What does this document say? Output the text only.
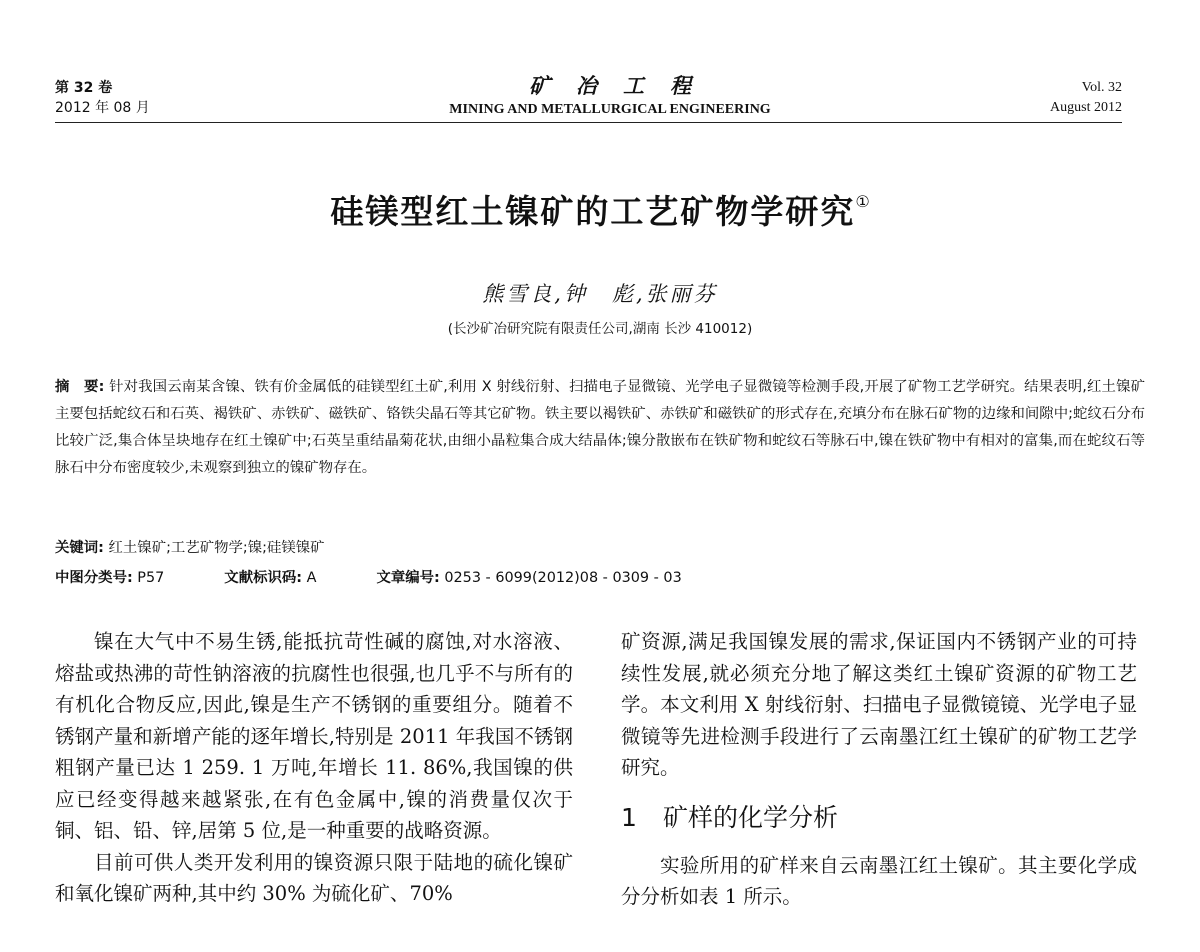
第 32 卷
2012 年 08 月
矿冶工程
MINING AND METALLURGICAL ENGINEERING
Vol. 32
August 2012
硅镁型红土镍矿的工艺矿物学研究①
熊雪良,钟　彪,张丽芬
(长沙矿冶研究院有限责任公司,湖南 长沙 410012)
摘　要: 针对我国云南某含镍、铁有价金属低的硅镁型红土矿,利用 X 射线衍射、扫描电子显微镜、光学电子显微镜等检测手段,开展了矿物工艺学研究。结果表明,红土镍矿主要包括蛇纹石和石英、褐铁矿、赤铁矿、磁铁矿、铬铁尖晶石等其它矿物。铁主要以褐铁矿、赤铁矿和磁铁矿的形式存在,充填分布在脉石矿物的边缘和间隙中;蛇纹石分布比较广泛,集合体呈块地存在红土镍矿中;石英呈重结晶菊花状,由细小晶粒集合成大结晶体;镍分散嵌布在铁矿物和蛇纹石等脉石中,镍在铁矿物中有相对的富集,而在蛇纹石等脉石中分布密度较少,未观察到独立的镍矿物存在。
关键词: 红土镍矿;工艺矿物学;镍;硅镁镍矿
中图分类号: P57	文献标识码: A	文章编号: 0253 - 6099(2012)08 - 0309 - 03

镍在大气中不易生锈,能抵抗苛性碱的腐蚀,对水溶液、熔盐或热沸的苛性钠溶液的抗腐性也很强,也几乎不与所有的有机化合物反应,因此,镍是生产不锈钢的重要组分。随着不锈钢产量和新增产能的逐年增长,特别是 2011 年我国不锈钢粗钢产量已达 1 259. 1 万吨,年增长 11. 86%,我国镍的供应已经变得越来越紧张,在有色金属中,镍的消费量仅次于铜、铝、铅、锌,居第 5 位,是一种重要的战略资源。

目前可供人类开发利用的镍资源只限于陆地的硫化镍矿和氧化镍矿两种,其中约 30% 为硫化矿、70%

矿资源,满足我国镍发展的需求,保证国内不锈钢产业的可持续性发展,就必须充分地了解这类红土镍矿资源的矿物工艺学。本文利用 X 射线衍射、扫描电子显微镜镜、光学电子显微镜等先进检测手段进行了云南墨江红土镍矿的矿物工艺学研究。

1 矿样的化学分析

实验所用的矿样来自云南墨江红土镍矿。其主要化学成分分析如表 1 所示。
